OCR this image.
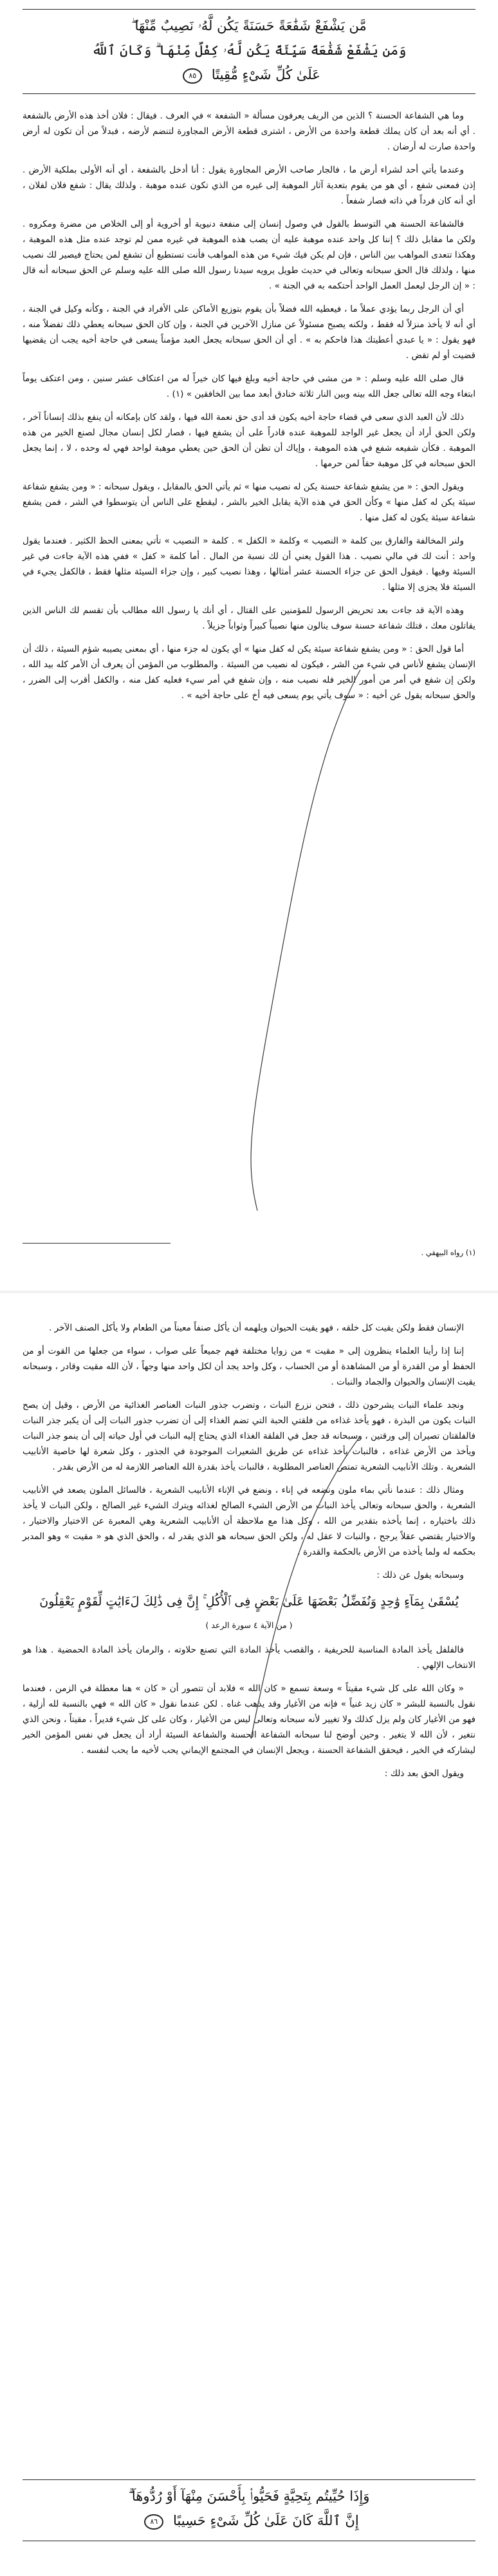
مَّن يَشْفَعْ شَفَٰعَةً حَسَنَةً يَكُن لَّهُۥ نَصِيبٌ مِّنْهَا ۖ
وَمَن يَشْفَعْ شَفَٰعَةً سَيِّئَةً يَكُن لَّهُۥ كِفْلٌ مِّنْهَا ۗ وَكَانَ ٱللَّهُ
عَلَىٰ كُلِّ شَىْءٍ مُّقِيتًا ٨٥

وما هي الشفاعة الحسنة ؟ الذين من الريف يعرفون مسألة « الشفعة » في العرف . فيقال : فلان أخذ هذه الأرض بالشفعة . أي أنه بعد أن كان يملك قطعة واحدة من الأرض ، اشترى قطعة الأرض المجاورة لتنضم لأرضه ، فبدلاً من أن تكون له أرض واحدة صارت له أرضان .

وعندما يأتي أحد لشراء أرض ما ، فالجار صاحب الأرض المجاورة يقول : أنا أدخل بالشفعة ، أي أنه الأولى بملكية الأرض . إذن فمعنى شفع ، أي هو من يقوم بتعدية آثار الموهبة إلى غيره من الذي تكون عنده موهبة . ولذلك يقال : شفع فلان لفلان ، أي أنه كان فرداً في ذاته فصار شفعاً .

فالشفاعة الحسنة هي التوسط بالقول في وصول إنسان إلى منفعة دنيوية أو أخروية أو إلى الخلاص من مضرة ومكروه . ولكن ما مقابل ذلك ؟ إننا كل واحد عنده موهبة عليه أن يصب هذه الموهبة في غيره ممن لم توجد عنده مثل هذه الموهبة ، وهكذا تتعدى المواهب بين الناس ، فإن لم يكن فيك شيء من هذه المواهب فأنت تستطيع أن تشفع لمن يحتاج فيصير لك نصيب منها ، ولذلك قال الحق سبحانه وتعالى في حديث طويل يرويه سيدنا رسول الله صلى الله عليه وسلم عن الحق سبحانه أنه قال : « إن الرجل ليعمل العمل الواحد أحتكمه به في الجنة » .

أي أن الرجل ربما يؤدي عملاً ما ، فيعطيه الله فضلاً بأن يقوم بتوزيع الأماكن على الأفراد في الجنة ، وكأنه وكيل في الجنة ، أي أنه لا يأخذ منزلاً له فقط ، ولكنه يصبح مسئولاً عن منازل الآخرين في الجنة ، وإن كان الحق سبحانه يعطي ذلك تفضلاً منه ، فهو يقول : « يا عبدي أعطيتك هذا فاحكم به » . أي أن الحق سبحانه يجعل العبد مؤمناً يسعى في حاجة أخيه يجب أن يقضيها قضيت أو لم تقض .

قال صلى الله عليه وسلم : « من مشى في حاجة أخيه وبلغ فيها كان خيراً له من اعتكاف عشر سنين ، ومن اعتكف يوماً ابتغاء وجه الله تعالى جعل الله بينه وبين النار ثلاثة خنادق أبعد مما بين الخافقين » (١) .

ذلك لأن العبد الذي سعى في قضاء حاجة أخيه يكون قد أدى حق نعمة الله فيها ، ولقد كان بإمكانه أن ينفع بذلك إنساناً آخر ، ولكن الحق أراد أن يجعل غير الواجد للموهبة عنده قادراً على أن يشفع فيها ، فصار لكل إنسان مجال لصنع الخير من هذه الموهبة . فكأن شفيعه شفع في هذه الموهبة ، وإياك أن تظن أن الحق حين يعطي موهبة لواحد فهي له وحده ، لا ، إنما يجعل الحق سبحانه في كل موهبة حقاً لمن حرمها .

ويقول الحق : « من يشفع شفاعة حسنة يكن له نصيب منها » ثم يأتي الحق بالمقابل ، ويقول سبحانه : « ومن يشفع شفاعة سيئة يكن له كفل منها » وكأن الحق في هذه الآية يقابل الخير بالشر ، ليقطع على الناس أن يتوسطوا في الشر ، فمن يشفع شفاعة سيئة يكون له كفل منها .

ولنر المخالفة والفارق بين كلمة « النصيب » وكلمة « الكفل » . كلمة « النصيب » تأتي بمعنى الحظ الكثير . فعندما يقول واحد : أنت لك في مالي نصيب . هذا القول يعني أن لك نسبة من المال . أما كلمة « كفل » ففي هذه الآية جاءت في غير السيئة وفيها . فيقول الحق عن جزاء الحسنة عشر أمثالها ، وهذا نصيب كبير ، وإن جزاء السيئة مثلها فقط ، فالكفل يجيء في السيئة فلا يجزى إلا مثلها .

وهذه الآية قد جاءت بعد تحريض الرسول للمؤمنين على القتال ، أي أنك يا رسول الله مطالب بأن تقسم لك الناس الذين يقاتلون معك ، فتلك شفاعة حسنة سوف ينالون منها نصيباً كبيراً وثواباً جزيلاً .

أما قول الحق : « ومن يشفع شفاعة سيئة يكن له كفل منها » أي يكون له جزء منها ، أي بمعنى يصيبه شؤم السيئة ، ذلك أن الإنسان يشفع لأناس في شيء من الشر ، فيكون له نصيب من السيئة . والمطلوب من المؤمن أن يعرف أن الأمر كله بيد الله ، ولكن إن شفع في أمر من أمور الخير فله نصيب منه ، وإن شفع في أمر سيء فعليه كفل منه ، والكفل أقرب إلى الضرر ، والحق سبحانه يقول عن أخيه : « سوف يأتي يوم يسعى فيه أخ على حاجة أخيه » .

(١) رواه البيهقي .

الإنسان فقط ولكن يقيت كل خلقه ، فهو يقيت الحيوان ويلهمه أن يأكل صنفاً معيناً من الطعام ولا يأكل الصنف الآخر .

إننا إذا رأينا العلماء ينظرون إلى « مقيت » من زوايا مختلفة فهم جميعاً على صواب ، سواء من جعلها من القوت أو من الحفظ أو من القدرة أو من المشاهدة أو من الحساب ، وكل واحد يجد أن لكل واحد منها وجهاً ، لأن الله مقيت وقادر ، وسبحانه يقيت الإنسان والحيوان والجماد والنبات .

ونجد علماء النبات يشرحون ذلك ، فتحن نزرع النبات ، وتضرب جذور النبات العناصر الغذائية من الأرض ، وقيل إن يصح النبات يكون من البذرة ، فهو يأخذ غذاءه من فلقتي الحبة التي تضم الغذاء إلى أن تضرب جذور النبات إلى أن يكبر جذر النبات فالفلقتان تصيران إلى ورقتين ، وسبحانه قد جعل في الفلقة الغذاء الذي يحتاج إليه النبات في أول حياته إلى أن ينمو جذر النبات ويأخذ من الأرض غذاءه ، فالنبات يأخذ غذاءه عن طريق الشعيرات الموجودة في الجذور ، وكل شعرة لها خاصية الأنابيب الشعرية . وتلك الأنابيب الشعرية تمتص العناصر المطلوبة ، فالنبات يأخذ بقدرة الله العناصر اللازمة له من الأرض بقدر .

ومثال ذلك : عندما نأتي بماء ملون ونضعه في إناء ، ونضع في الإناء الأنابيب الشعرية ، فالسائل الملون يصعد في الأنابيب الشعرية ، والحق سبحانه وتعالى يأخذ النبات من الأرض الشيء الصالح لغذائه ويترك الشيء غير الصالح ، ولكن النبات لا يأخذ ذلك باختياره ، إنما يأخذه بتقدير من الله ، وكل هذا مع ملاحظة أن الأنابيب الشعرية وهي المعبرة عن الاختيار والاختيار ، والاختيار يقتضي عقلاً يرجح ، والنبات لا عقل له ، ولكن الحق سبحانه هو الذي يقدر له ، والحق الذي هو « مقيت » وهو المدبر بحكمه له ولما يأخذه من الأرض بالحكمة والقدرة .

وسبحانه يقول عن ذلك :

يُسْقَىٰ بِمَآءٍ وَٰحِدٍ وَنُفَضِّلُ بَعْضَهَا عَلَىٰ بَعْضٍ فِى ٱلْأُكُلِ ۚ إِنَّ فِى ذَٰلِكَ لَءَايَٰتٍ لِّقَوْمٍ يَعْقِلُونَ
( من الآية ٤ سورة الرعد )

فالفلفل يأخذ المادة المناسبة للحريفية ، والقصب يأخذ المادة التي تصنع حلاوته ، والرمان يأخذ المادة الحمضية . هذا هو الانتخاب الإلهي .

« وكان الله على كل شيء مقيتاً » وسعة تسمع « كان الله » فلابد أن تتصور أن « كان » هنا معطلة في الزمن ، فعندما نقول بالنسبة للبشر « كان زيد غنياً » فإنه من الأغيار وقد يذهب غناه . لكن عندما نقول « كان الله » فهي بالنسبة لله أزلية ، فهو من الأغيار كان ولم يزل كذلك ولا تغيير لأنه سبحانه وتعالى ليس من الأغيار ، وكان على كل شيء قديراً ، مقيتاً ، ونحن الذي نتغير ، لأن الله لا يتغير . وحين أوضح لنا سبحانه الشفاعة الحسنة والشفاعة السيئة أراد أن يجعل في نفس المؤمن الخير ليشاركه في الخير ، فيحقق الشفاعة الحسنة ، ويجعل الإنسان في المجتمع الإيماني يحب لأخيه ما يحب لنفسه .

ويقول الحق بعد ذلك :

وَإِذَا حُيِّيتُم بِتَحِيَّةٍ فَحَيُّوا۟ بِأَحْسَنَ مِنْهَآ أَوْ رُدُّوهَآ ۗ
إِنَّ ٱللَّهَ كَانَ عَلَىٰ كُلِّ شَىْءٍ حَسِيبًا ٨٦
